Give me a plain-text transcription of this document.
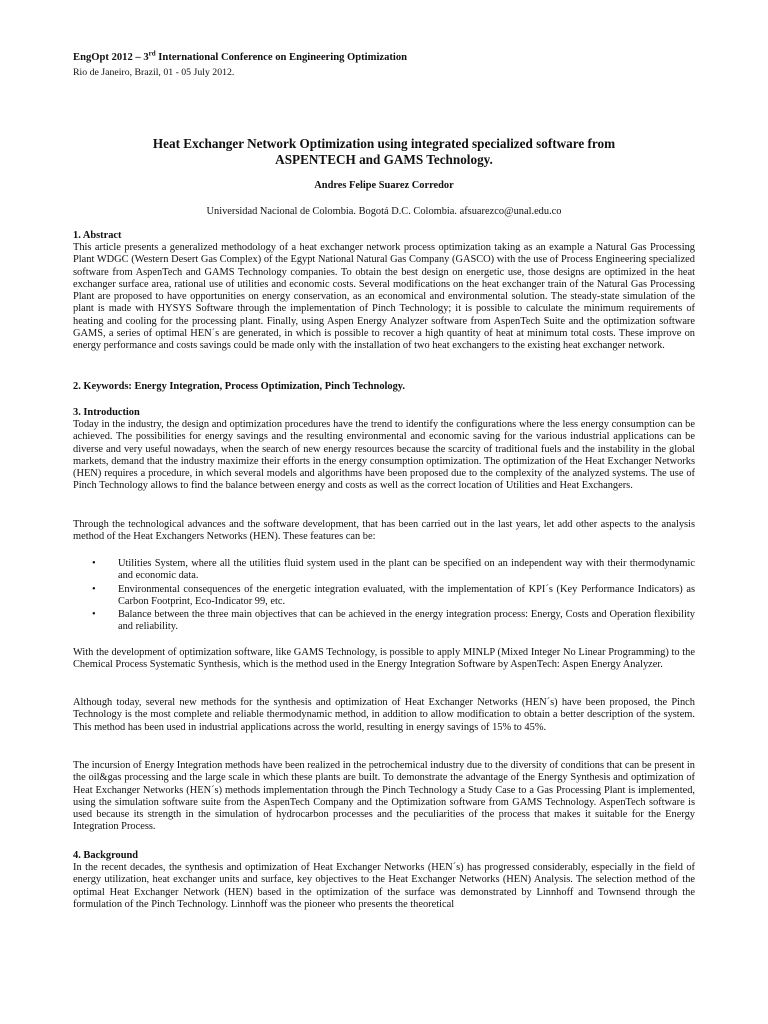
EngOpt 2012 – 3rd International Conference on Engineering Optimization

Rio de Janeiro, Brazil, 01 - 05 July 2012.

Heat Exchanger Network Optimization using integrated specialized software from
ASPENTECH and GAMS Technology.

Andres Felipe Suarez Corredor

Universidad Nacional de Colombia. Bogotá D.C. Colombia. afsuarezco@unal.edu.co

1. Abstract

This article presents a generalized methodology of a heat exchanger network process optimization taking as an example a Natural Gas Processing Plant WDGC (Western Desert Gas Complex) of the Egypt National Natural Gas Company (GASCO) with the use of Process Engineering specialized software from AspenTech and GAMS Technology companies. To obtain the best design on energetic use, those designs are optimized in the heat exchanger surface area, rational use of utilities and economic costs. Several modifications on the heat exchanger train of the Natural Gas Processing Plant are proposed to have opportunities on energy conservation, as an economical and environmental solution. The steady-state simulation of the plant is made with HYSYS Software through the implementation of Pinch Technology; it is possible to calculate the minimum requirements of heating and cooling for the processing plant. Finally, using Aspen Energy Analyzer software from AspenTech Suite and the optimization software GAMS, a series of optimal HEN´s are generated, in which is possible to recover a high quantity of heat at minimum total costs. These improve on energy performance and costs savings could be made only with the installation of two heat exchangers to the existing heat exchanger network.

2. Keywords: Energy Integration, Process Optimization, Pinch Technology.

3. Introduction

Today in the industry, the design and optimization procedures have the trend to identify the configurations where the less energy consumption can be achieved. The possibilities for energy savings and the resulting environmental and economic saving for the various industrial applications can be diverse and very useful nowadays, when the search of new energy resources because the scarcity of traditional fuels and the instability in the global markets, demand that the industry maximize their efforts in the energy consumption optimization. The optimization of the Heat Exchanger Networks (HEN) requires a procedure, in which several models and algorithms have been proposed due to the complexity of the analyzed systems. The use of Pinch Technology allows to find the balance between energy and costs as well as the correct location of Utilities and Heat Exchangers.

Through the technological advances and the software development, that has been carried out in the last years, let add other aspects to the analysis method of the Heat Exchangers Networks (HEN). These features can be:

• Utilities System, where all the utilities fluid system used in the plant can be specified on an independent way with their thermodynamic and economic data.
• Environmental consequences of the energetic integration evaluated, with the implementation of KPI´s (Key Performance Indicators) as Carbon Footprint, Eco-Indicator 99, etc.
• Balance between the three main objectives that can be achieved in the energy integration process: Energy, Costs and Operation flexibility and reliability.

With the development of optimization software, like GAMS Technology, is possible to apply MINLP (Mixed Integer No Linear Programming) to the Chemical Process Systematic Synthesis, which is the method used in the Energy Integration Software by AspenTech: Aspen Energy Analyzer.

Although today, several new methods for the synthesis and optimization of Heat Exchanger Networks (HEN´s) have been proposed, the Pinch Technology is the most complete and reliable thermodynamic method, in addition to allow modification to obtain a better description of the system. This method has been used in industrial applications across the world, resulting in energy savings of 15% to 45%.

The incursion of Energy Integration methods have been realized in the petrochemical industry due to the diversity of conditions that can be present in the oil&gas processing and the large scale in which these plants are built. To demonstrate the advantage of the Energy Synthesis and optimization of Heat Exchanger Networks (HEN´s) methods implementation through the Pinch Technology a Study Case to a Gas Processing Plant is implemented, using the simulation software suite from the AspenTech Company and the Optimization software from GAMS Technology. AspenTech software is used because its strength in the simulation of hydrocarbon processes and the peculiarities of the process that makes it suitable for the Energy Integration Process.

4. Background

In the recent decades, the synthesis and optimization of Heat Exchanger Networks (HEN´s) has progressed considerably, especially in the field of energy utilization, heat exchanger units and surface, key objectives to the Heat Exchanger Networks (HEN) Analysis. The selection method of the optimal Heat Exchanger Network (HEN) based in the optimization of the surface was demonstrated by Linnhoff and Townsend through the formulation of the Pinch Technology. Linnhoff was the pioneer who presents the theoretical
